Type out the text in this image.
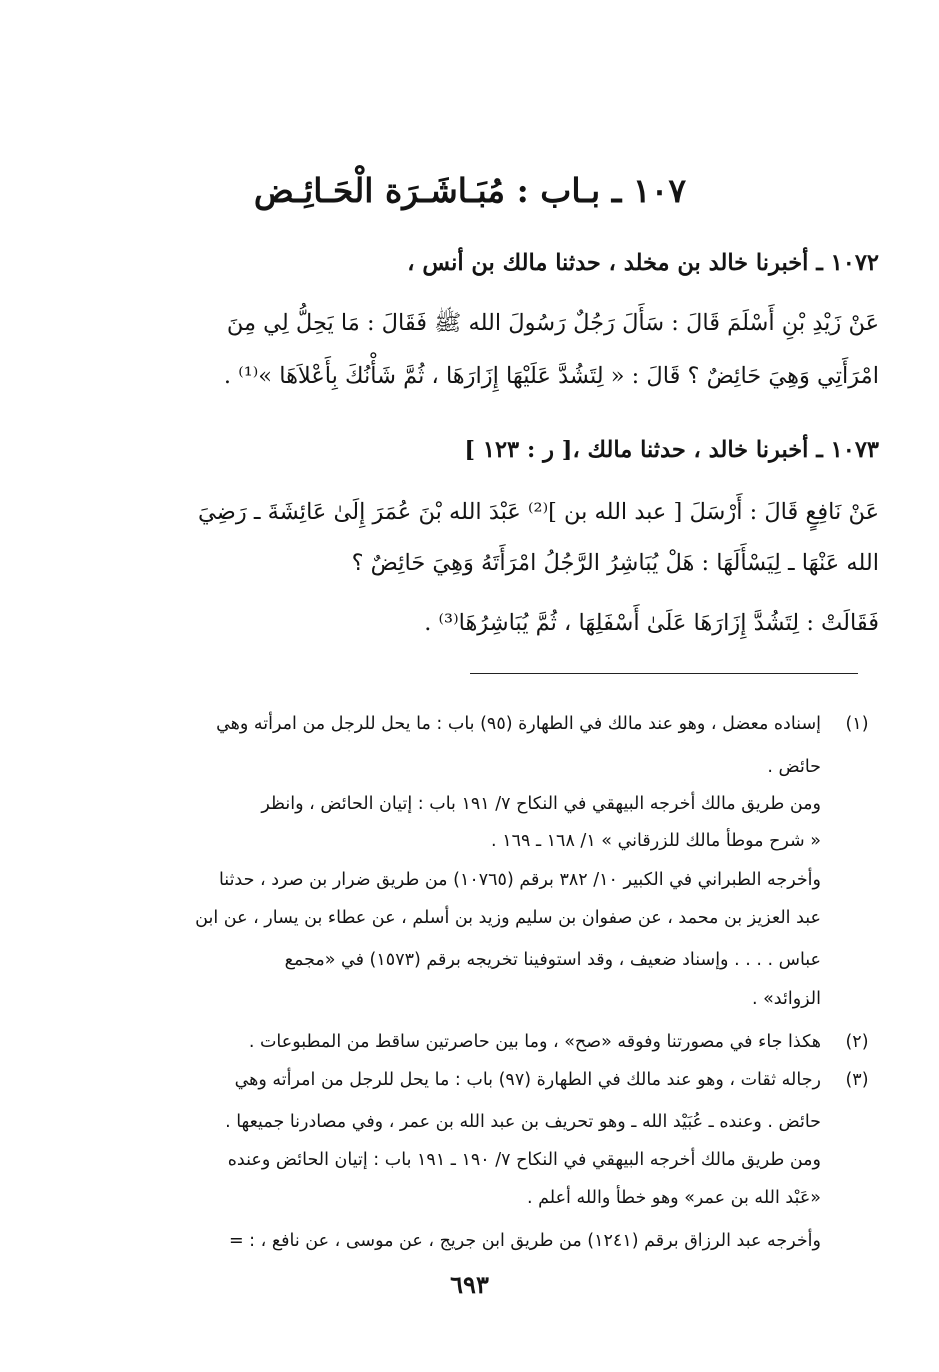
١٠٧ ـ بـاب : مُبَـاشَـرَة الْحَـائِـض
١٠٧٢ ـ أخبرنا خالد بن مخلد ، حدثنا مالك بن أنس ،
عَنْ زَيْدِ بْنِ أَسْلَمَ قَالَ : سَأَلَ رَجُلٌ رَسُولَ الله ﷺ فَقَالَ : مَا يَحِلُّ لِي مِنَ
امْرَأَتِي وَهِيَ حَائِضٌ ؟ قَالَ : « لِتَشُدَّ عَلَيْهَا إِزَارَهَا ، ثُمَّ شَأْنُكَ بِأَعْلاَهَا »⁽¹⁾ .
١٠٧٣ ـ أخبرنا خالد ، حدثنا مالك ،[ ر : ١٢٣ ]
عَنْ نَافِعٍ قَالَ : أَرْسَلَ [ عبد الله بن ]⁽²⁾ عَبْدَ الله بْنَ عُمَرَ إِلَىٰ عَائِشَةَ ـ رَضِيَ
الله عَنْهَا ـ لِيَسْأَلَهَا : هَلْ يُبَاشِرُ الرَّجُلُ امْرَأَتَهُ وَهِيَ حَائِضٌ ؟
فَقَالَتْ : لِتَشُدَّ إِزَارَهَا عَلَىٰ أَسْفَلِهَا ، ثُمَّ يُبَاشِرُهَا⁽³⁾ .
(١)
إسناده معضل ، وهو عند مالك في الطهارة (٩٥) باب : ما يحل للرجل من امرأته وهي
حائض .
ومن طريق مالك أخرجه البيهقي في النكاح ٧/ ١٩١ باب : إتيان الحائض ، وانظر
« شرح موطأ مالك للزرقاني » ١/ ١٦٨ ـ ١٦٩ .
وأخرجه الطبراني في الكبير ١٠/ ٣٨٢ برقم (١٠٧٦٥) من طريق ضرار بن صرد ، حدثنا
عبد العزيز بن محمد ، عن صفوان بن سليم وزيد بن أسلم ، عن عطاء بن يسار ، عن ابن
عباس . . . . وإسناد ضعيف ، وقد استوفينا تخريجه برقم (١٥٧٣) في «مجمع
الزوائد» .
(٢)
هكذا جاء في مصورتنا وفوقه «صح» ، وما بين حاصرتين ساقط من المطبوعات .
(٣)
رجاله ثقات ، وهو عند مالك في الطهارة (٩٧) باب : ما يحل للرجل من امرأته وهي
حائض . وعنده ـ عُبَيْد الله ـ وهو تحريف بن عبد الله بن عمر ، وفي مصادرنا جميعها .
ومن طريق مالك أخرجه البيهقي في النكاح ٧/ ١٩٠ ـ ١٩١ باب : إتيان الحائض وعنده
«عَبْد الله بن عمر» وهو خطأ والله أعلم .
وأخرجه عبد الرزاق برقم (١٢٤١) من طريق ابن جريج ، عن موسى ، عن نافع ، : =
٦٩٣
